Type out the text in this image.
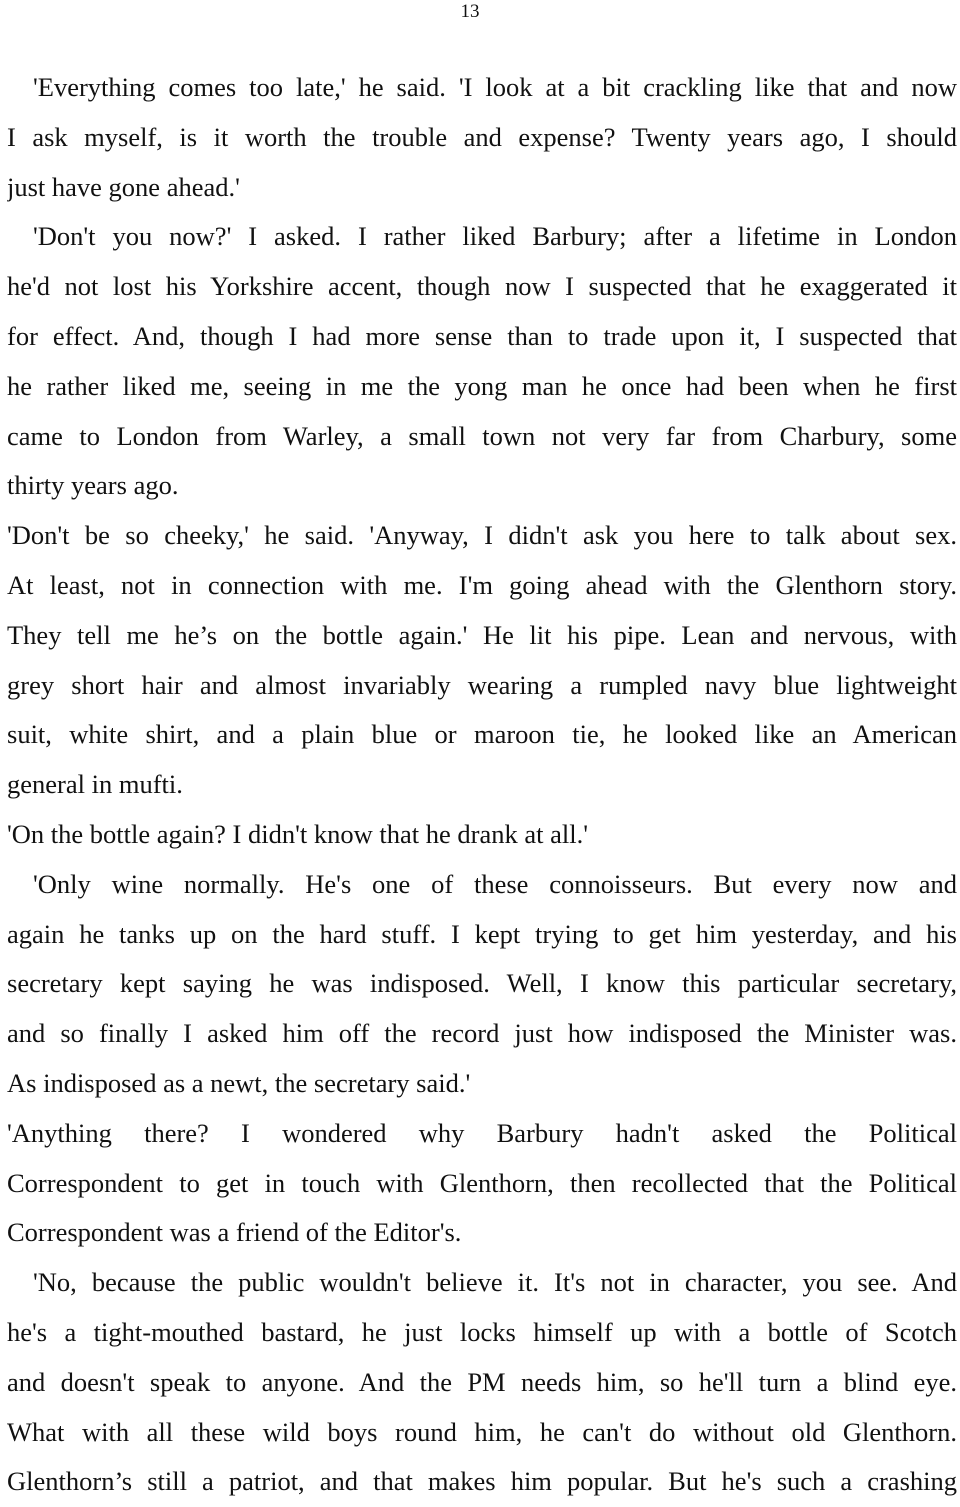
13
'Everything comes too late,' he said. 'I look at a bit crackling like that and now
I ask myself, is it worth the trouble and expense? Twenty years ago, I should
just have gone ahead.'
'Don't you now?' I asked. I rather liked Barbury; after a lifetime in London
he'd not lost his Yorkshire accent, though now I suspected that he exaggerated it
for effect. And, though I had more sense than to trade upon it, I suspected that
he rather liked me, seeing in me the yong man he once had been when he first
came to London from Warley, a small town not very far from Charbury, some
thirty years ago.
'Don't be so cheeky,' he said. 'Anyway, I didn't ask you here to talk about sex.
At least, not in connection with me. I'm going ahead with the Glenthorn story.
They tell me he’s on the bottle again.' He lit his pipe. Lean and nervous, with
grey short hair and almost invariably wearing a rumpled navy blue lightweight
suit, white shirt, and a plain blue or maroon tie, he looked like an American
general in mufti.
'On the bottle again? I didn't know that he drank at all.'
'Only wine normally. He's one of these connoisseurs. But every now and
again he tanks up on the hard stuff. I kept trying to get him yesterday, and his
secretary kept saying he was indisposed. Well, I know this particular secretary,
and so finally I asked him off the record just how indisposed the Minister was.
As indisposed as a newt, the secretary said.'
'Anything there? I wondered why Barbury hadn't asked the Political
Correspondent to get in touch with Glenthorn, then recollected that the Political
Correspondent was a friend of the Editor's.
'No, because the public wouldn't believe it. It's not in character, you see. And
he's a tight-mouthed bastard, he just locks himself up with a bottle of Scotch
and doesn't speak to anyone. And the PM needs him, so he'll turn a blind eye.
What with all these wild boys round him, he can't do without old Glenthorn.
Glenthorn’s still a patriot, and that makes him popular. But he's such a crashing
